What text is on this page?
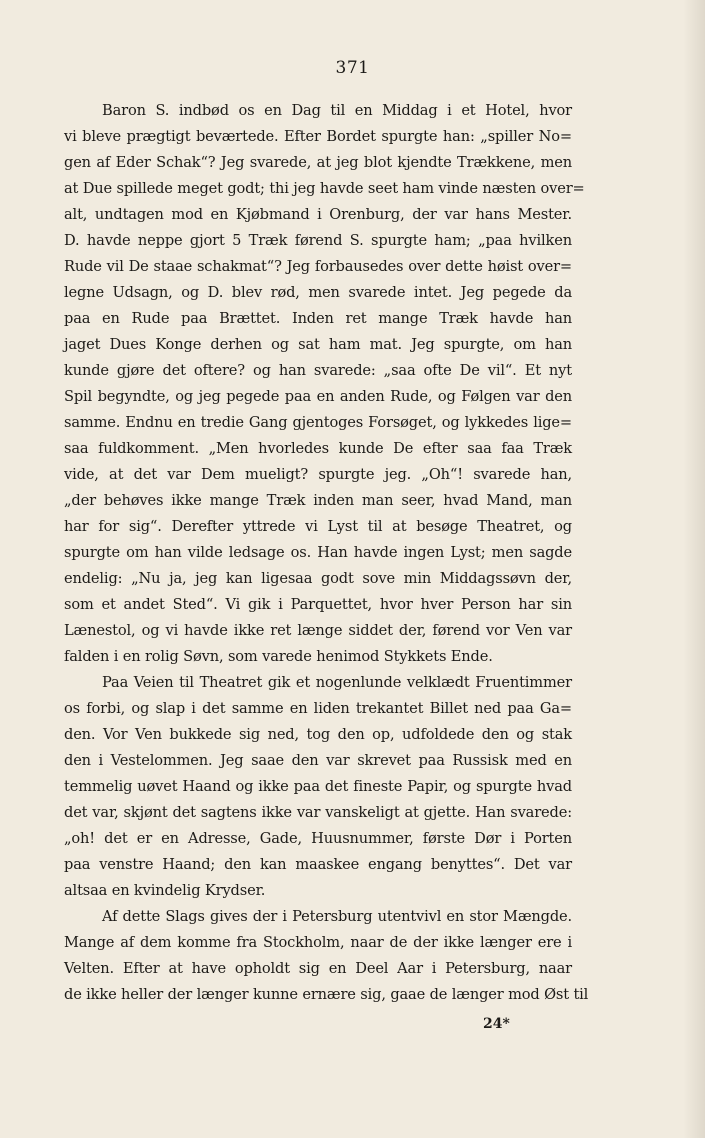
371
Baron S. indbød os en Dag til en Middag i et Hotel, hvor
vi bleve prægtigt beværtede. Efter Bordet spurgte han: „spiller No=
gen af Eder Schak“? Jeg svarede, at jeg blot kjendte Trækkene, men
at Due spillede meget godt; thi jeg havde seet ham vinde næsten over=
alt, undtagen mod en Kjøbmand i Orenburg, der var hans Mester.
D. havde neppe gjort 5 Træk førend S. spurgte ham; „paa hvilken
Rude vil De staae schakmat“? Jeg forbausedes over dette høist over=
legne Udsagn, og D. blev rød, men svarede intet. Jeg pegede da
paa en Rude paa Brættet. Inden ret mange Træk havde han
jaget Dues Konge derhen og sat ham mat. Jeg spurgte, om han
kunde gjøre det oftere? og han svarede: „saa ofte De vil“. Et nyt
Spil begyndte, og jeg pegede paa en anden Rude, og Følgen var den
samme. Endnu en tredie Gang gjentoges Forsøget, og lykkedes lige=
saa fuldkomment. „Men hvorledes kunde De efter saa faa Træk
vide, at det var Dem mueligt? spurgte jeg. „Oh“! svarede han,
„der behøves ikke mange Træk inden man seer, hvad Mand, man
har for sig“. Derefter yttrede vi Lyst til at besøge Theatret, og
spurgte om han vilde ledsage os. Han havde ingen Lyst; men sagde
endelig: „Nu ja, jeg kan ligesaa godt sove min Middagssøvn der,
som et andet Sted“. Vi gik i Parquettet, hvor hver Person har sin
Lænestol, og vi havde ikke ret længe siddet der, førend vor Ven var
falden i en rolig Søvn, som varede henimod Stykkets Ende.
Paa Veien til Theatret gik et nogenlunde velklædt Fruentimmer
os forbi, og slap i det samme en liden trekantet Billet ned paa Ga=
den. Vor Ven bukkede sig ned, tog den op, udfoldede den og stak
den i Vestelommen. Jeg saae den var skrevet paa Russisk med en
temmelig uøvet Haand og ikke paa det fineste Papir, og spurgte hvad
det var, skjønt det sagtens ikke var vanskeligt at gjette. Han svarede:
„oh! det er en Adresse, Gade, Huusnummer, første Dør i Porten
paa venstre Haand; den kan maaskee engang benyttes“. Det var
altsaa en kvindelig Krydser.
Af dette Slags gives der i Petersburg utentvivl en stor Mængde.
Mange af dem komme fra Stockholm, naar de der ikke længer ere i
Velten. Efter at have opholdt sig en Deel Aar i Petersburg, naar
de ikke heller der længer kunne ernære sig, gaae de længer mod Øst til
24*
